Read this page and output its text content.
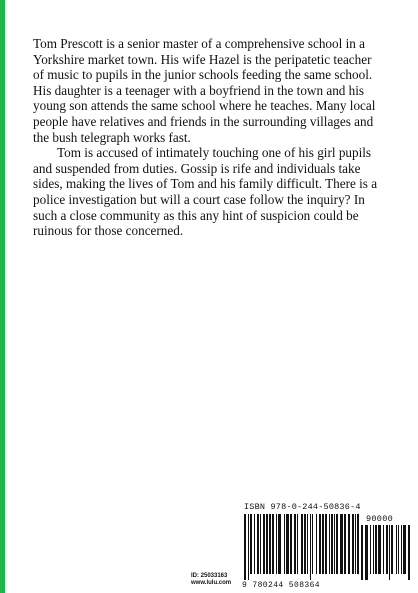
Tom Prescott is a senior master of a comprehensive school in a Yorkshire market town. His wife Hazel is the peripatetic teacher of music to pupils in the junior schools feeding the same school. His daughter is a teenager with a boyfriend in the town and his young son attends the same school where he teaches. Many local people have relatives and friends in the surrounding villages and the bush telegraph works fast.

Tom is accused of intimately touching one of his girl pupils and suspended from duties. Gossip is rife and individuals take sides, making the lives of Tom and his family difficult. There is a police investigation but will a court case follow the inquiry? In such a close community as this any hint of suspicion could be ruinous for those concerned.

ID: 25033163
www.lulu.com
ISBN 978-0-244-50836-4
90000
9 780244 508364
